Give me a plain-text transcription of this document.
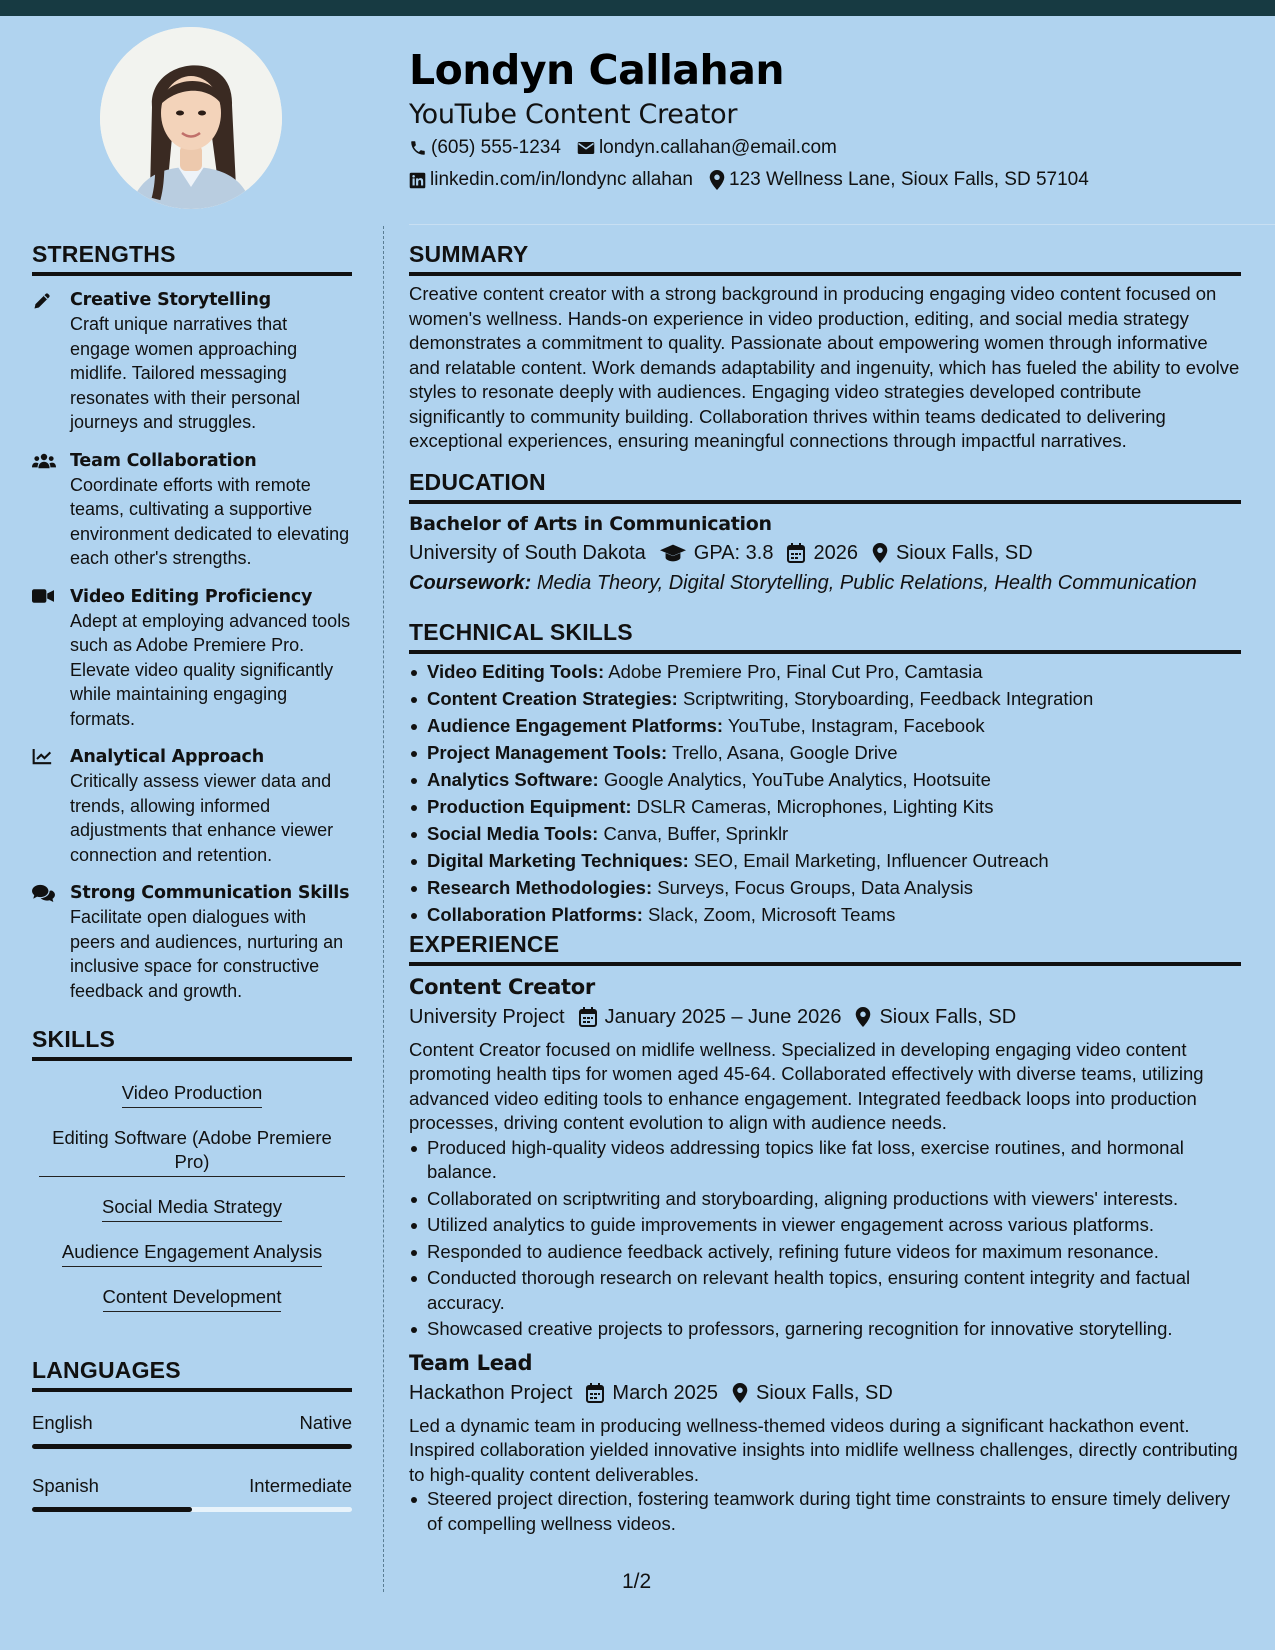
Londyn Callahan
YouTube Content Creator
(605) 555-1234 londyn.callahan@email.com
linkedin.com/in/londync allahan 123 Wellness Lane, Sioux Falls, SD 57104
STRENGTHS
Creative Storytelling
Craft unique narratives that engage women approaching midlife. Tailored messaging resonates with their personal journeys and struggles.
Team Collaboration
Coordinate efforts with remote teams, cultivating a supportive environment dedicated to elevating each other's strengths.
Video Editing Proficiency
Adept at employing advanced tools such as Adobe Premiere Pro. Elevate video quality significantly while maintaining engaging formats.
Analytical Approach
Critically assess viewer data and trends, allowing informed adjustments that enhance viewer connection and retention.
Strong Communication Skills
Facilitate open dialogues with peers and audiences, nurturing an inclusive space for constructive feedback and growth.
SKILLS
Video Production
Editing Software (Adobe Premiere Pro)
Social Media Strategy
Audience Engagement Analysis
Content Development
LANGUAGES
English	Native
Spanish	Intermediate
SUMMARY
Creative content creator with a strong background in producing engaging video content focused on women's wellness. Hands-on experience in video production, editing, and social media strategy demonstrates a commitment to quality. Passionate about empowering women through informative and relatable content. Work demands adaptability and ingenuity, which has fueled the ability to evolve styles to resonate deeply with audiences. Engaging video strategies developed contribute significantly to community building. Collaboration thrives within teams dedicated to delivering exceptional experiences, ensuring meaningful connections through impactful narratives.
EDUCATION
Bachelor of Arts in Communication
University of South Dakota GPA: 3.8 2026 Sioux Falls, SD
Coursework: Media Theory, Digital Storytelling, Public Relations, Health Communication
TECHNICAL SKILLS
Video Editing Tools: Adobe Premiere Pro, Final Cut Pro, Camtasia
Content Creation Strategies: Scriptwriting, Storyboarding, Feedback Integration
Audience Engagement Platforms: YouTube, Instagram, Facebook
Project Management Tools: Trello, Asana, Google Drive
Analytics Software: Google Analytics, YouTube Analytics, Hootsuite
Production Equipment: DSLR Cameras, Microphones, Lighting Kits
Social Media Tools: Canva, Buffer, Sprinklr
Digital Marketing Techniques: SEO, Email Marketing, Influencer Outreach
Research Methodologies: Surveys, Focus Groups, Data Analysis
Collaboration Platforms: Slack, Zoom, Microsoft Teams
EXPERIENCE
Content Creator
University Project January 2025 – June 2026 Sioux Falls, SD
Content Creator focused on midlife wellness. Specialized in developing engaging video content promoting health tips for women aged 45-64. Collaborated effectively with diverse teams, utilizing advanced video editing tools to enhance engagement. Integrated feedback loops into production processes, driving content evolution to align with audience needs.
Produced high-quality videos addressing topics like fat loss, exercise routines, and hormonal balance.
Collaborated on scriptwriting and storyboarding, aligning productions with viewers' interests.
Utilized analytics to guide improvements in viewer engagement across various platforms.
Responded to audience feedback actively, refining future videos for maximum resonance.
Conducted thorough research on relevant health topics, ensuring content integrity and factual accuracy.
Showcased creative projects to professors, garnering recognition for innovative storytelling.
Team Lead
Hackathon Project March 2025 Sioux Falls, SD
Led a dynamic team in producing wellness-themed videos during a significant hackathon event. Inspired collaboration yielded innovative insights into midlife wellness challenges, directly contributing to high-quality content deliverables.
Steered project direction, fostering teamwork during tight time constraints to ensure timely delivery of compelling wellness videos.
1/2
